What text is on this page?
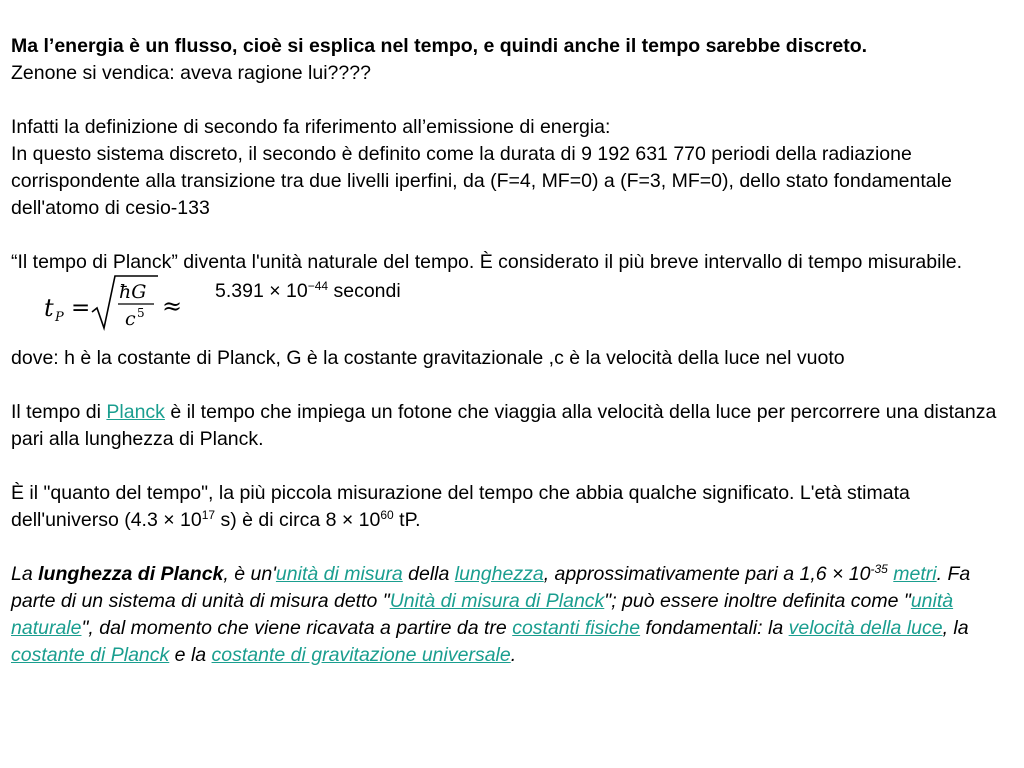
Ma l’energia è un flusso, cioè si esplica nel tempo, e quindi anche il tempo sarebbe discreto.
Zenone si vendica: aveva ragione lui????

Infatti la definizione di secondo fa riferimento all’emissione di energia:
In questo sistema discreto, il secondo è definito come la durata di 9 192 631 770 periodi della radiazione corrispondente alla transizione tra due livelli iperfini, da (F=4, MF=0) a (F=3, MF=0), dello stato fondamentale dell'atomo di cesio-133

“Il tempo di Planck” diventa l'unità naturale del tempo. È considerato il più breve intervallo di tempo misurabile.

t P =
ħG
c 5 ≈
$5.391 \times 10^{-44}$ secondi

dove: h è la costante di Planck, G è la costante gravitazionale ,c è la velocità della luce nel vuoto

Il tempo di Planck è il tempo che impiega un fotone che viaggia alla velocità della luce per percorrere una distanza pari alla lunghezza di Planck.

È il "quanto del tempo", la più piccola misurazione del tempo che abbia qualche significato. L'età stimata dell'universo ($4.3 \times 10^{17}$ s) è di circa $8 \times 10^{60}$ tP.

La lunghezza di Planck, è un'unità di misura della lunghezza, approssimativamente pari a $1,6 \times 10^{-35}$ metri. Fa parte di un sistema di unità di misura detto "Unità di misura di Planck"; può essere inoltre definita come "unità naturale", dal momento che viene ricavata a partire da tre costanti fisiche fondamentali: la velocità della luce, la costante di Planck e la costante di gravitazione universale.
